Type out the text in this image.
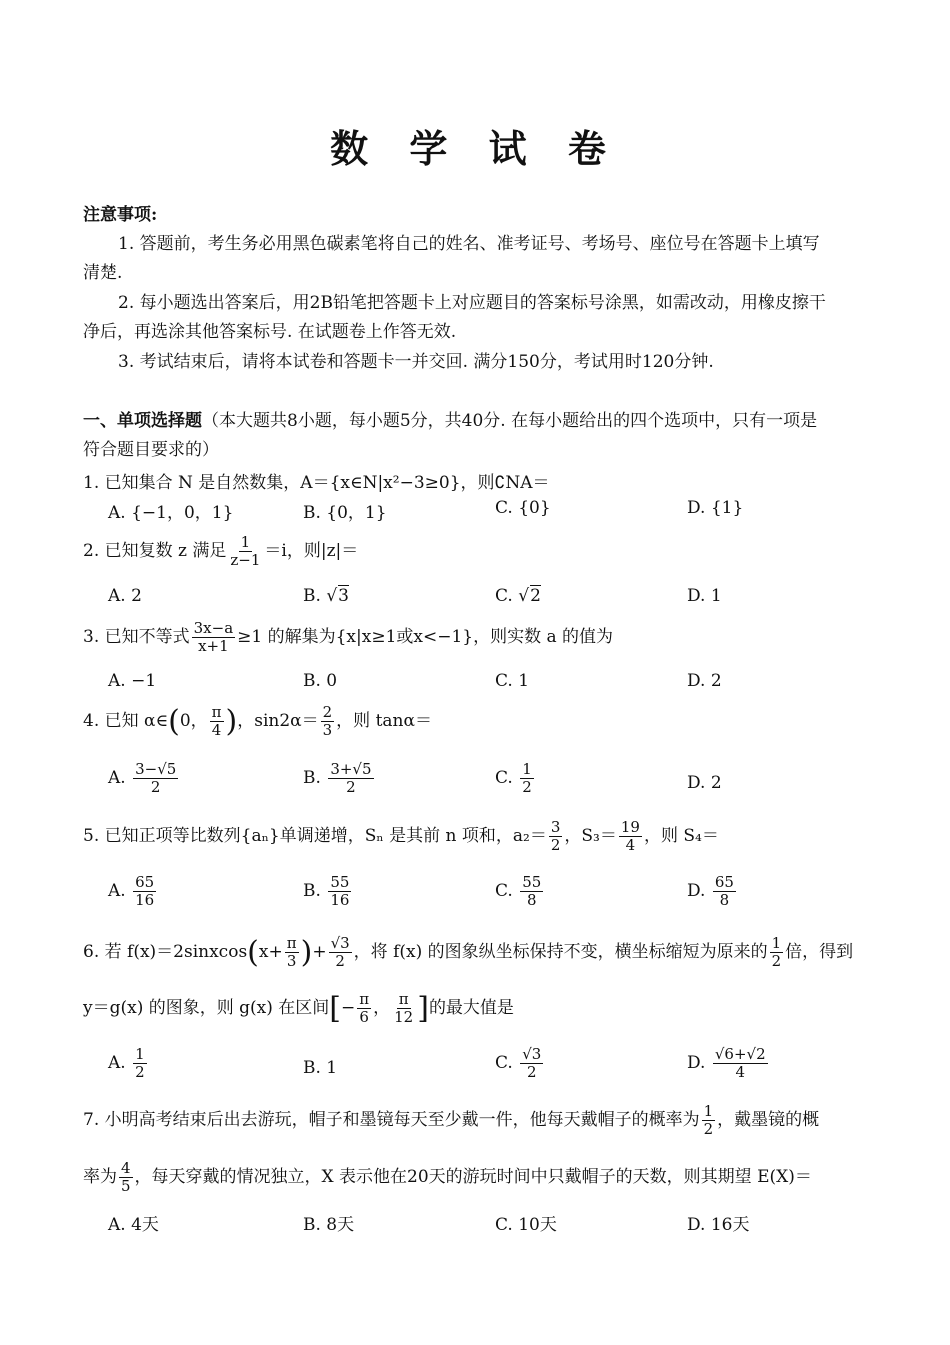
数 学 试 卷
注意事项:
1. 答题前，考生务必用黑色碳素笔将自己的姓名、准考证号、考场号、座位号在答题卡上填写
清楚.
2. 每小题选出答案后，用2B铅笔把答题卡上对应题目的答案标号涂黑，如需改动，用橡皮擦干
净后，再选涂其他答案标号. 在试题卷上作答无效.
3. 考试结束后，请将本试卷和答题卡一并交回. 满分150分，考试用时120分钟.
一、单项选择题（本大题共8小题，每小题5分，共40分. 在每小题给出的四个选项中，只有一项是
符合题目要求的）
1. 已知集合 N 是自然数集，A＝{x∈N|x²−3≥0}，则∁NA＝
A. {−1，0，1}	B. {0，1}	C. {0}	D. {1}
2. 已知复数 z 满足 $\frac{1}{z-1} =i$，则|z|＝
A. 2	B. √3	C. √2	D. 1
3. 已知不等式 $\frac{3x-a}{x+1} \ge 1$ 的解集为{x|x≥1或x<−1}，则实数 a 的值为
A. −1	B. 0	C. 1	D. 2
4. 已知 α∈(0， $\frac{\pi}{4}$ )，$\sin 2\alpha= \frac{2}{3}$ ，则 tanα＝
A. $\frac{3-√5}{2}$	B. $\frac{3+√5}{2}$	C. $\frac{1}{2}$	D. 2
5. 已知正项等比数列{aₙ}单调递增，Sₙ 是其前 n 项和，$a_2= \frac{3}{2}$ ，$S_3= \frac{19}{4}$ ，则 S₄＝
A. $\frac{65}{16}$	B. $\frac{55}{16}$	C. $\frac{55}{8}$	D. $\frac{65}{8}$
6. 若 f(x)＝2sinxcos(x+ $\frac{\pi}{3}$ )+ $\frac{√3}{2}$ ，将 f(x) 的图象纵坐标保持不变，横坐标缩短为原来的 $\frac{1}{2}$ 倍，得到
y＝g(x) 的图象，则 g(x) 在区间[− $\frac{\pi}{6}$ ， $\frac{\pi}{12}$ ]的最大值是
A. $\frac{1}{2}$	B. 1	C. $\frac{√3}{2}$	D. $\frac{√6+√2}{4}$
7. 小明高考结束后出去游玩，帽子和墨镜每天至少戴一件，他每天戴帽子的概率为 $\frac{1}{2}$ ，戴墨镜的概
率为 $\frac{4}{5}$ ，每天穿戴的情况独立，X 表示他在20天的游玩时间中只戴帽子的天数，则其期望 E(X)＝
A. 4天	B. 8天	C. 10天	D. 16天
